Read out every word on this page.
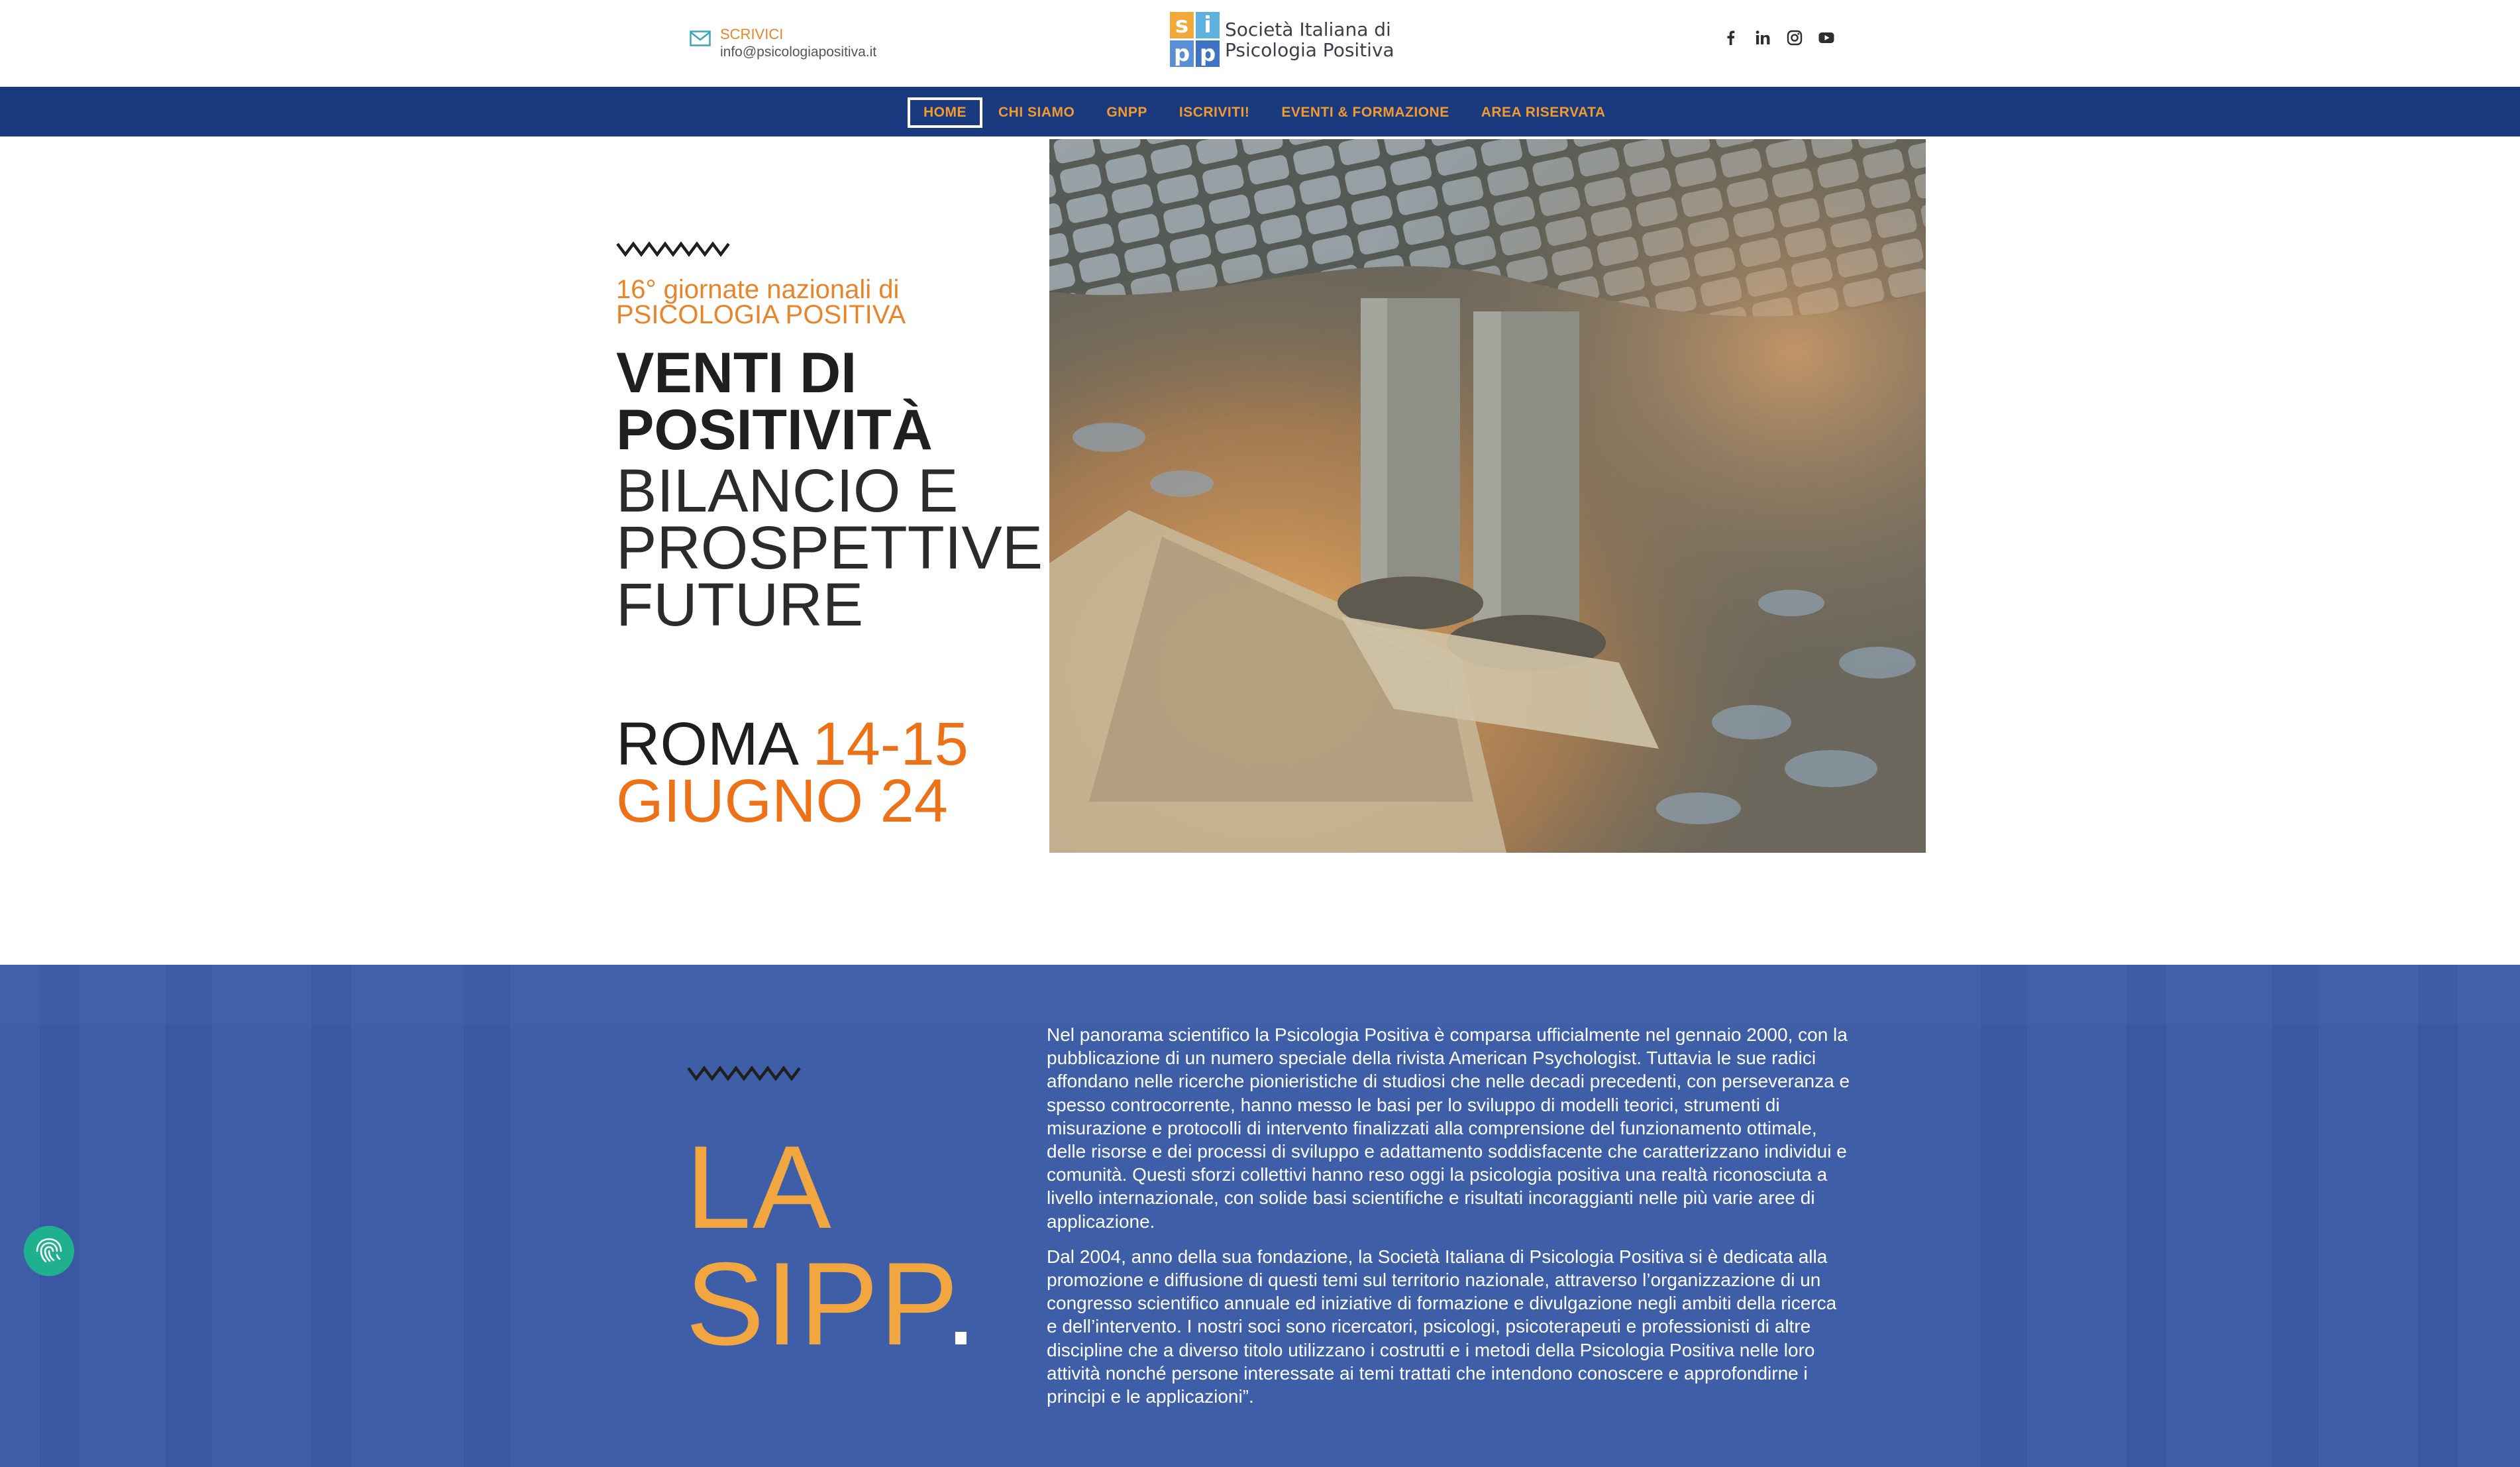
SCRIVICI
info@psicologiapositiva.it
s i
p p
Società Italiana di
Psicologia Positiva
HOME	CHI SIAMO	GNPP	ISCRIVITI!	EVENTI & FORMAZIONE	AREA RISERVATA
16° giornate nazionali di PSICOLOGIA POSITIVA
VENTI DI POSITIVITÀ
BILANCIO E PROSPETTIVE FUTURE
ROMA 14-15
GIUGNO 24
LA
SIPP.

Nel panorama scientifico la Psicologia Positiva è comparsa ufficialmente nel gennaio 2000, con la pubblicazione di un numero speciale della rivista American Psychologist. Tuttavia le sue radici affondano nelle ricerche pionieristiche di studiosi che nelle decadi precedenti, con perseveranza e spesso controcorrente, hanno messo le basi per lo sviluppo di modelli teorici, strumenti di misurazione e protocolli di intervento finalizzati alla comprensione del funzionamento ottimale, delle risorse e dei processi di sviluppo e adattamento soddisfacente che caratterizzano individui e comunità. Questi sforzi collettivi hanno reso oggi la psicologia positiva una realtà riconosciuta a livello internazionale, con solide basi scientifiche e risultati incoraggianti nelle più varie aree di applicazione.

Dal 2004, anno della sua fondazione, la Società Italiana di Psicologia Positiva si è dedicata alla promozione e diffusione di questi temi sul territorio nazionale, attraverso l’organizzazione di un congresso scientifico annuale ed iniziative di formazione e divulgazione negli ambiti della ricerca e dell’intervento. I nostri soci sono ricercatori, psicologi, psicoterapeuti e professionisti di altre discipline che a diverso titolo utilizzano i costrutti e i metodi della Psicologia Positiva nelle loro attività nonché persone interessate ai temi trattati che intendono conoscere e approfondirne i principi e le applicazioni”.
